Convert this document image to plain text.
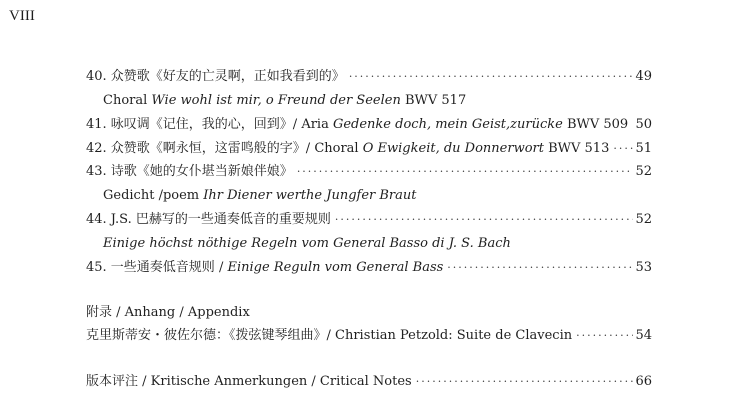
VIII
40. 众赞歌《好友的亡灵啊，正如我看到的》 ·····	49
Choral Wie wohl ist mir, o Freund der Seelen BWV 517
41. 咏叹调《记住，我的心，回到》/ Aria Gedenke doch, mein Geist,zurücke BWV 509 ····· 50
42. 众赞歌《啊永恒，这雷鸣般的字》/ Choral O Ewigkeit, du Donnerwort BWV 513 ····· 51
43. 诗歌《她的女仆堪当新娘伴娘》 ·····	52
Gedicht /poem Ihr Diener werthe Jungfer Braut
44. J.S. 巴赫写的一些通奏低音的重要规则 ·····	52
Einige höchst nöthige Regeln vom General Basso di J. S. Bach
45. 一些通奏低音规则 / Einige Reguln vom General Bass ·····	53
附录 / Anhang / Appendix
克里斯蒂安・彼佐尔德：《拨弦键琴组曲》/ Christian Petzold: Suite de Clavecin ·····	54
版本评注 / Kritische Anmerkungen / Critical Notes ·····	66
